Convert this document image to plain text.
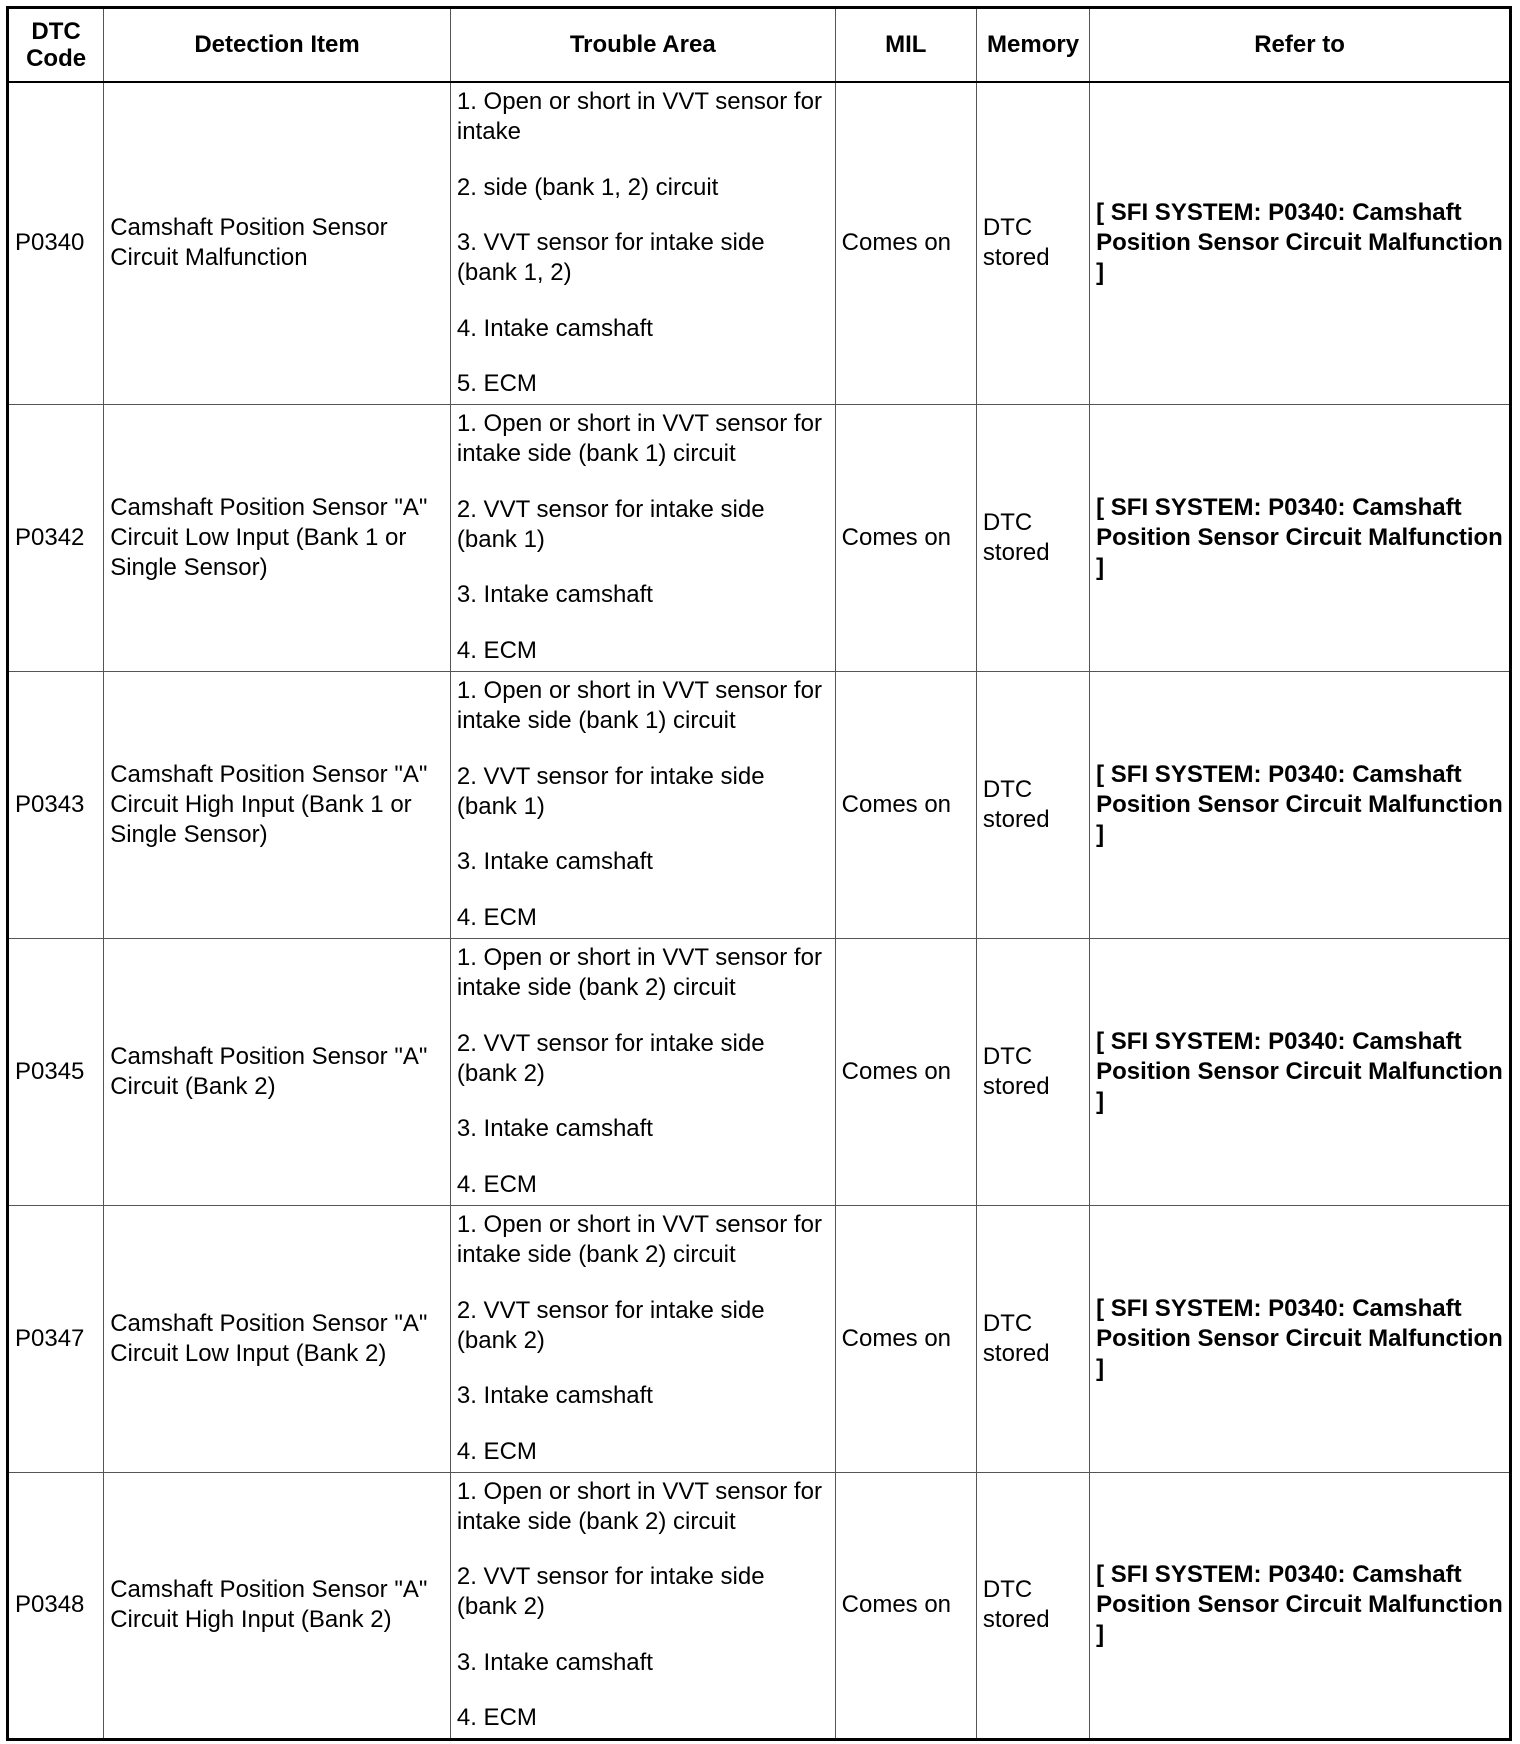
DTC
Code	Detection Item	Trouble Area	MIL	Memory	Refer to
P0340	Camshaft Position Sensor Circuit Malfunction	1. Open or short in VVT sensor for intake
2. side (bank 1, 2) circuit
3. VVT sensor for intake side (bank 1, 2)
4. Intake camshaft
5. ECM	Comes on	DTC stored	[ SFI SYSTEM: P0340: Camshaft Position Sensor Circuit Malfunction ]
P0342	Camshaft Position Sensor "A" Circuit Low Input (Bank 1 or Single Sensor)	1. Open or short in VVT sensor for intake side (bank 1) circuit
2. VVT sensor for intake side (bank 1)
3. Intake camshaft
4. ECM	Comes on	DTC stored	[ SFI SYSTEM: P0340: Camshaft Position Sensor Circuit Malfunction ]
P0343	Camshaft Position Sensor "A" Circuit High Input (Bank 1 or Single Sensor)	1. Open or short in VVT sensor for intake side (bank 1) circuit
2. VVT sensor for intake side (bank 1)
3. Intake camshaft
4. ECM	Comes on	DTC stored	[ SFI SYSTEM: P0340: Camshaft Position Sensor Circuit Malfunction ]
P0345	Camshaft Position Sensor "A" Circuit (Bank 2)	1. Open or short in VVT sensor for intake side (bank 2) circuit
2. VVT sensor for intake side (bank 2)
3. Intake camshaft
4. ECM	Comes on	DTC stored	[ SFI SYSTEM: P0340: Camshaft Position Sensor Circuit Malfunction ]
P0347	Camshaft Position Sensor "A" Circuit Low Input (Bank 2)	1. Open or short in VVT sensor for intake side (bank 2) circuit
2. VVT sensor for intake side (bank 2)
3. Intake camshaft
4. ECM	Comes on	DTC stored	[ SFI SYSTEM: P0340: Camshaft Position Sensor Circuit Malfunction ]
P0348	Camshaft Position Sensor "A" Circuit High Input (Bank 2)	1. Open or short in VVT sensor for intake side (bank 2) circuit
2. VVT sensor for intake side (bank 2)
3. Intake camshaft
4. ECM	Comes on	DTC stored	[ SFI SYSTEM: P0340: Camshaft Position Sensor Circuit Malfunction ]
